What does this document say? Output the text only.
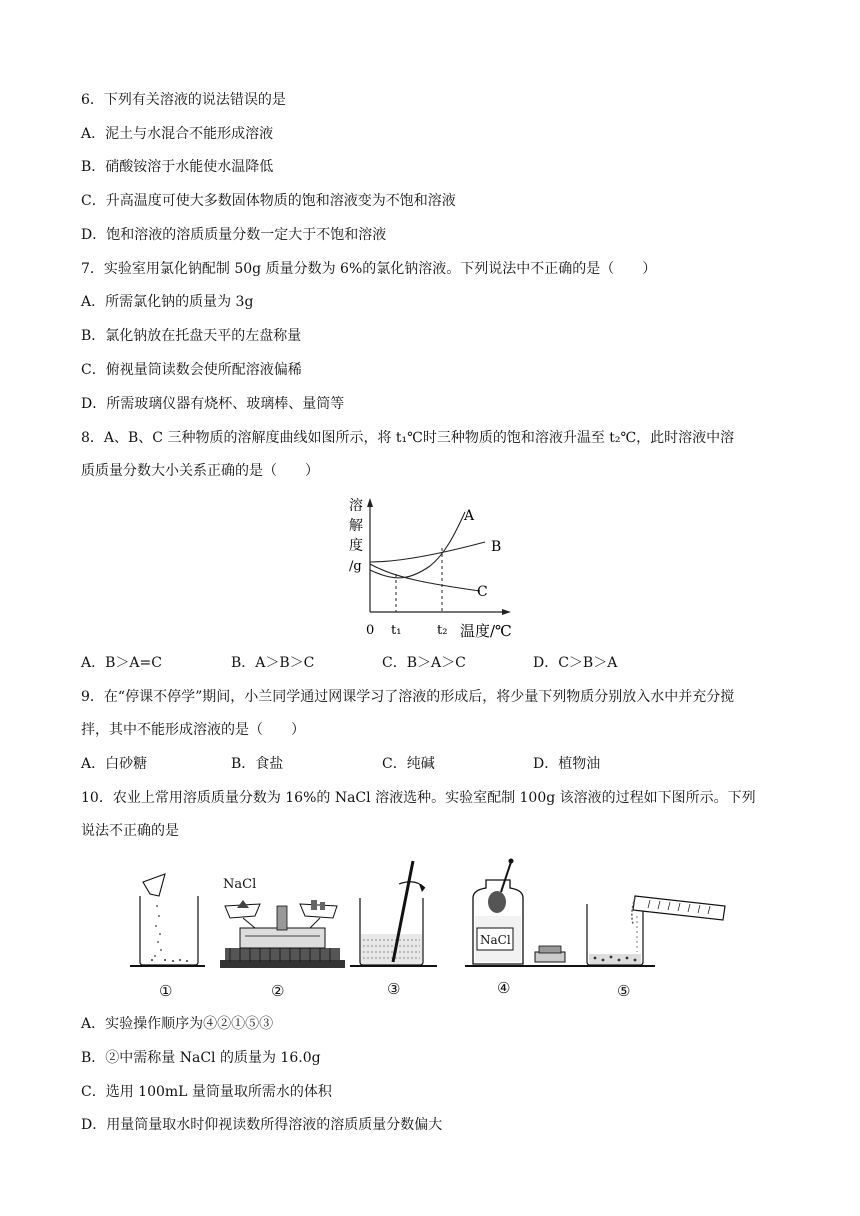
6．下列有关溶液的说法错误的是
A．泥土与水混合不能形成溶液
B．硝酸铵溶于水能使水温降低
C．升高温度可使大多数固体物质的饱和溶液变为不饱和溶液
D．饱和溶液的溶质质量分数一定大于不饱和溶液
7．实验室用氯化钠配制 50g 质量分数为 6%的氯化钠溶液。下列说法中不正确的是（　　）
A．所需氯化钠的质量为 3g
B．氯化钠放在托盘天平的左盘称量
C．俯视量筒读数会使所配溶液偏稀
D．所需玻璃仪器有烧杯、玻璃棒、量筒等
8．A、B、C 三种物质的溶解度曲线如图所示，将 t₁℃时三种物质的饱和溶液升温至 t₂℃，此时溶液中溶
质质量分数大小关系正确的是（　　）
溶
解
度
/g
A
B
C
0 t₁	t₂ 温度/℃
A．B＞A=C	B．A＞B＞C	C．B＞A＞C	D．C＞B＞A
9．在“停课不停学”期间，小兰同学通过网课学习了溶液的形成后，将少量下列物质分别放入水中并充分搅
拌，其中不能形成溶液的是（　　）
A．白砂糖	B．食盐	C．纯碱	D．植物油
10．农业上常用溶质质量分数为 16%的 NaCl 溶液选种。实验室配制 100g 该溶液的过程如下图所示。下列
说法不正确的是
NaCl
NaCl
①	②	③	④	⑤
A．实验操作顺序为④②①⑤③
B．②中需称量 NaCl 的质量为 16.0g
C．选用 100mL 量筒量取所需水的体积
D．用量筒量取水时仰视读数所得溶液的溶质质量分数偏大
